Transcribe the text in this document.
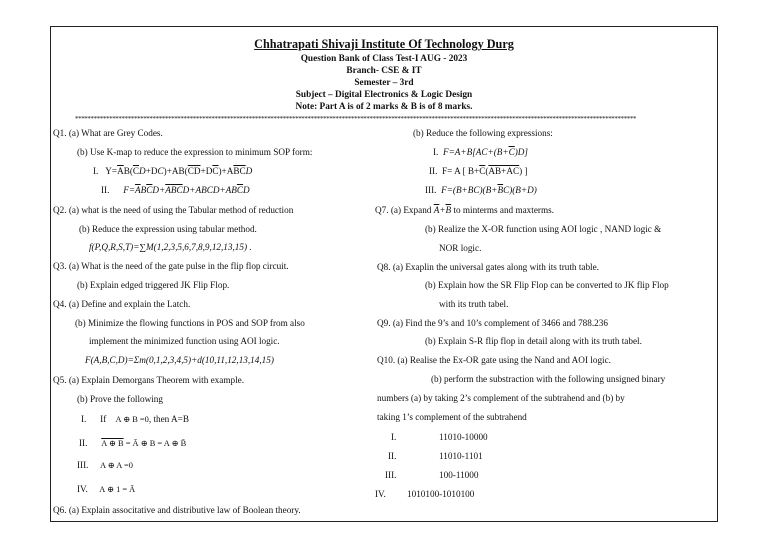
Chhatrapati Shivaji Institute Of Technology Durg
Question Bank of Class Test-I AUG - 2023
Branch- CSE & IT
Semester – 3rd
Subject – Digital Electronics & Logic Design
Note: Part A is of 2 marks & B is of 8 marks.
*************************************************************************************************************************************************************************************
Q1. (a) What are Grey Codes.
(b) Use K-map to reduce the expression to minimum SOP form:
I.   $Y=\overline{A}B(\overline{C}D+DC)+AB(\overline{C}\overline{D}+D\overline{C})+A\overline{BC}D$
II.      $F=\overline{A}B\overline{C}D+\overline{A}\overline{B}\overline{C}D+ABCD+AB\overline{C}D$
Q2. (a) what is the need of using the Tabular method of reduction
(b) Reduce the expression using tabular method.
f(P,Q,R,S,T)=∑M(1,2,3,5,6,7,8,9,12,13,15) .
Q3. (a) What is the need of the gate pulse in the flip flop circuit.
(b) Explain edged triggered JK Flip Flop.
Q4. (a) Define and explain the Latch.
(b) Minimize the flowing functions in POS and SOP from also
implement the minimized function using AOI logic.
F(A,B,C,D)=Σm(0,1,2,3,4,5)+d(10,11,12,13,14,15)
Q5. (a) Explain Demorgans Theorem with example.
(b) Prove the following
I.      If    A ⊕ B =0, then A=B
II.      A ⊕ B = Ā ⊕ B = A ⊕ B̄
III.     A ⊕ A =0
IV.     A ⊕ 1 = Ā
Q6. (a) Explain associtative and distributive law of Boolean theory.
(b) Reduce the following expressions:
I.  $F=A+B[AC+(B+\overline{C})D]$
II.  F= A [ $B+\overline{C}(AB+AC)$ ]
III.  $F=(B+BC)(B+\overline{B}C)(B+D)$
Q7. (a) Expand $\overline{A}+\overline{B}$ to minterms and maxterms.
(b) Realize the X-OR function using AOI logic , NAND logic &
NOR logic.
Q8. (a) Exaplin the universal gates along with its truth table.
(b) Explain how the SR Flip Flop can be converted to JK flip Flop
with its truth tabel.
Q9. (a) Find the 9’s and 10’s complement of 3466 and 788.236
(b) Explain S-R flip flop in detail along with its truth tabel.
Q10. (a) Realise the Ex-OR gate using the Nand and AOI logic.
(b) perform the substraction with the following unsigned binary
numbers (a) by taking 2’s complement of the subtrahend and (b) by
taking 1’s complement of the subtrahend
I.	11010-10000
II.	11010-1101
III.	100-11000
IV. 1010100-1010100
